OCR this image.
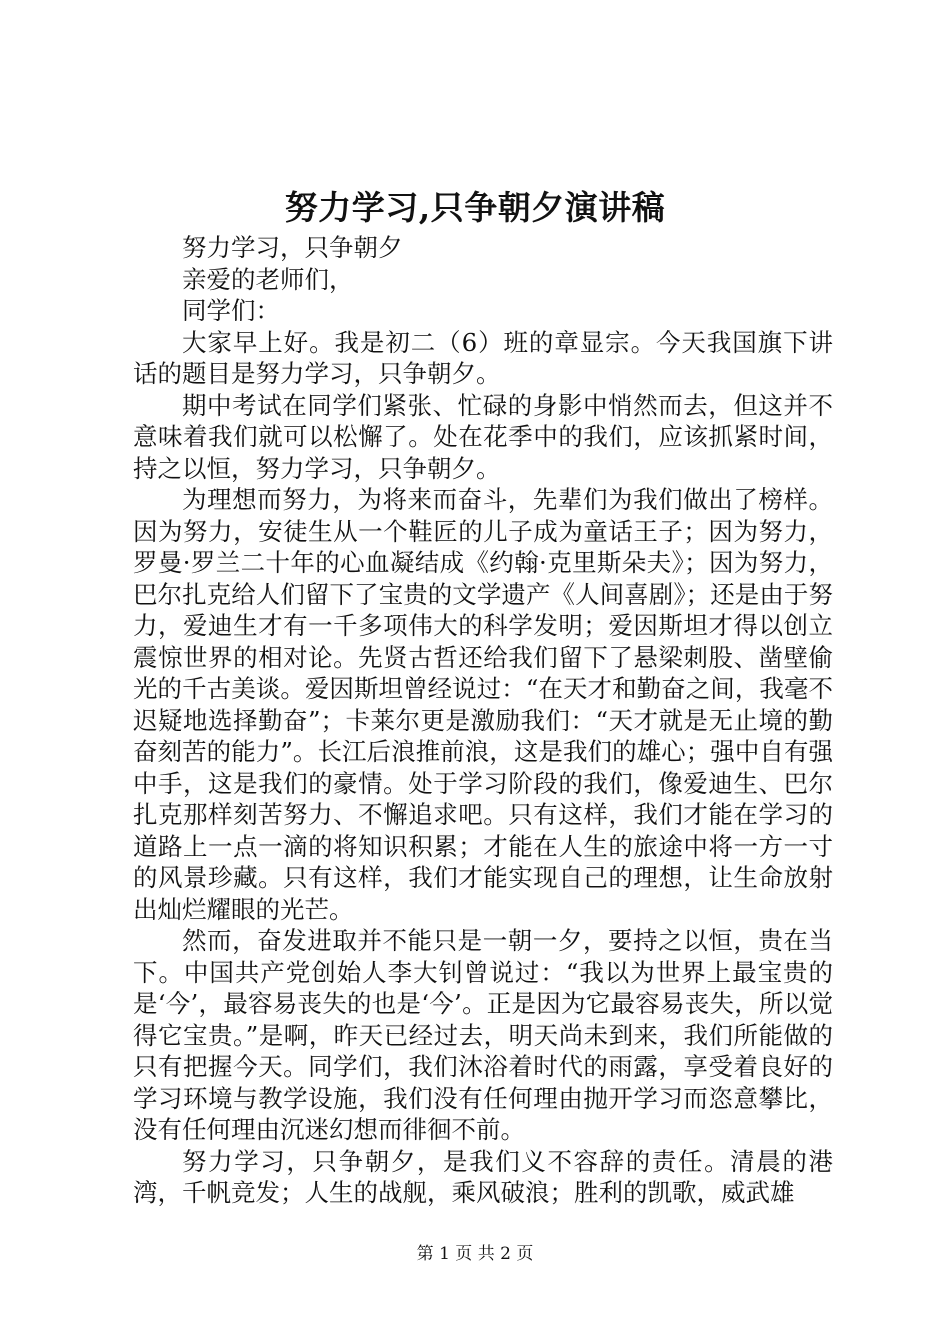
努力学习,只争朝夕演讲稿

努力学习，只争朝夕

亲爱的老师们，

同学们：

大家早上好。我是初二（6）班的章显宗。今天我国旗下讲话的题目是努力学习，只争朝夕。

期中考试在同学们紧张、忙碌的身影中悄然而去，但这并不意味着我们就可以松懈了。处在花季中的我们，应该抓紧时间，持之以恒，努力学习，只争朝夕。

为理想而努力，为将来而奋斗，先辈们为我们做出了榜样。因为努力，安徒生从一个鞋匠的儿子成为童话王子；因为努力，罗曼·罗兰二十年的心血凝结成《约翰·克里斯朵夫》；因为努力，巴尔扎克给人们留下了宝贵的文学遗产《人间喜剧》；还是由于努力，爱迪生才有一千多项伟大的科学发明；爱因斯坦才得以创立震惊世界的相对论。先贤古哲还给我们留下了悬梁刺股、凿壁偷光的千古美谈。爱因斯坦曾经说过：“在天才和勤奋之间，我毫不迟疑地选择勤奋”；卡莱尔更是激励我们：“天才就是无止境的勤奋刻苦的能力”。长江后浪推前浪，这是我们的雄心；强中自有强中手，这是我们的豪情。处于学习阶段的我们，像爱迪生、巴尔扎克那样刻苦努力、不懈追求吧。只有这样，我们才能在学习的道路上一点一滴的将知识积累；才能在人生的旅途中将一方一寸的风景珍藏。只有这样，我们才能实现自己的理想，让生命放射出灿烂耀眼的光芒。

然而，奋发进取并不能只是一朝一夕，要持之以恒，贵在当下。中国共产党创始人李大钊曾说过：“我以为世界上最宝贵的是‘今’，最容易丧失的也是‘今’。正是因为它最容易丧失，所以觉得它宝贵。”是啊，昨天已经过去，明天尚未到来，我们所能做的只有把握今天。同学们，我们沐浴着时代的雨露，享受着良好的学习环境与教学设施，我们没有任何理由抛开学习而恣意攀比，没有任何理由沉迷幻想而徘徊不前。

努力学习，只争朝夕，是我们义不容辞的责任。清晨的港湾，千帆竞发；人生的战舰，乘风破浪；胜利的凯歌，威武雄

第 1 页 共 2 页
